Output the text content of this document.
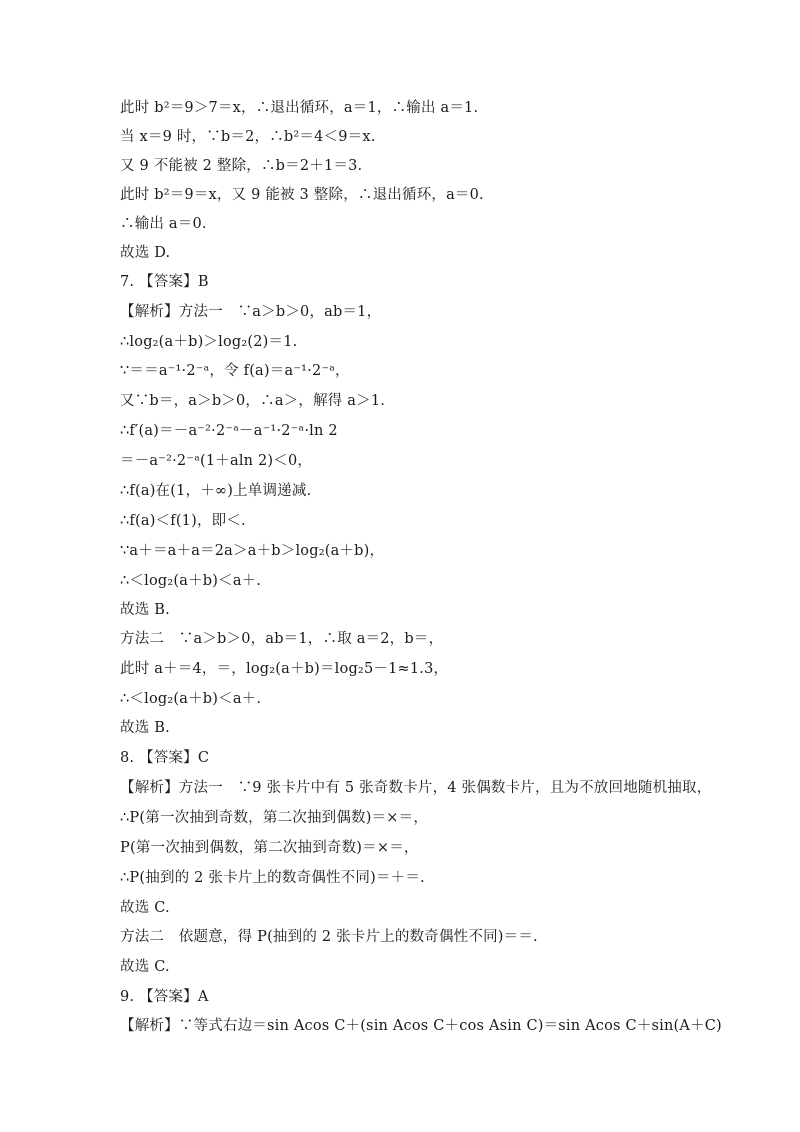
此时 b²＝9＞7＝x，∴退出循环，a＝1，∴输出 a＝1.
当 x＝9 时，∵b＝2，∴b²＝4＜9＝x.
又 9 不能被 2 整除，∴b＝2＋1＝3.
此时 b²＝9＝x，又 9 能被 3 整除，∴退出循环，a＝0.
∴输出 a＝0.
故选 D.
7. 【答案】B
【解析】方法一　∵a＞b＞0，ab＝1，
∴log₂(a＋b)＞log₂(2)＝1.
∵＝＝a⁻¹·2⁻ᵃ，令 f(a)＝a⁻¹·2⁻ᵃ，
又∵b＝，a＞b＞0，∴a＞，解得 a＞1.
∴f′(a)＝－a⁻²·2⁻ᵃ－a⁻¹·2⁻ᵃ·ln 2
＝－a⁻²·2⁻ᵃ(1＋aln 2)＜0，
∴f(a)在(1，＋∞)上单调递减.
∴f(a)＜f(1)，即＜.
∵a＋＝a＋a＝2a＞a＋b＞log₂(a＋b)，
∴＜log₂(a＋b)＜a＋.
故选 B.
方法二　∵a＞b＞0，ab＝1，∴取 a＝2，b＝，
此时 a＋＝4，＝，log₂(a＋b)＝log₂5－1≈1.3，
∴＜log₂(a＋b)＜a＋.
故选 B.
8. 【答案】C
【解析】方法一　∵9 张卡片中有 5 张奇数卡片，4 张偶数卡片，且为不放回地随机抽取，
∴P(第一次抽到奇数，第二次抽到偶数)＝×＝，
P(第一次抽到偶数，第二次抽到奇数)＝×＝，
∴P(抽到的 2 张卡片上的数奇偶性不同)＝＋＝.
故选 C.
方法二　依题意，得 P(抽到的 2 张卡片上的数奇偶性不同)＝＝.
故选 C.
9. 【答案】A
【解析】∵等式右边＝sin Acos C＋(sin Acos C＋cos Asin C)＝sin Acos C＋sin(A＋C)
